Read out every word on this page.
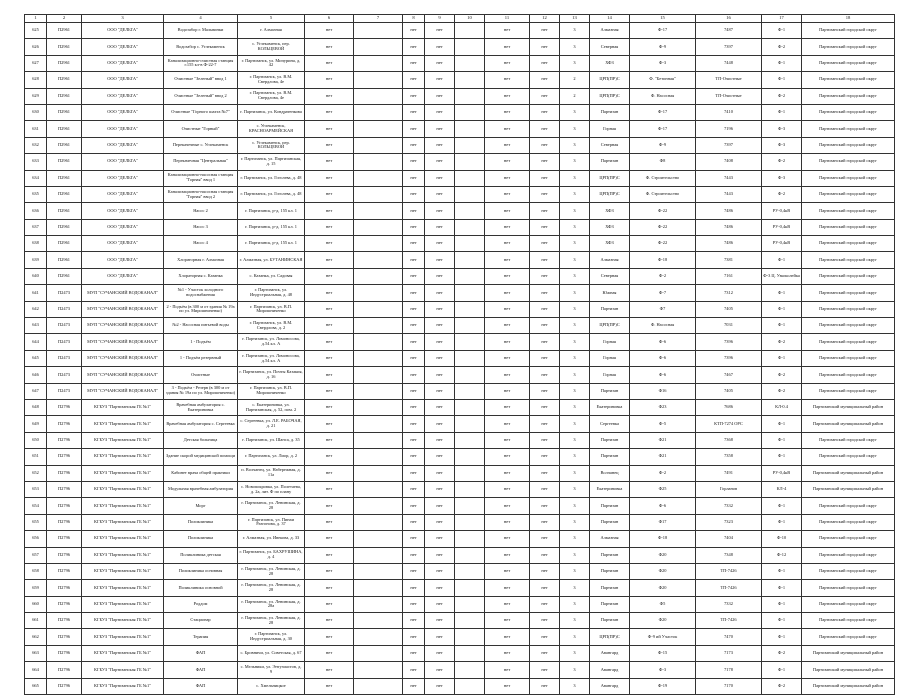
1	2	3	4	5	6	7	8	9	10	11	12	13	14	15	16	17	18
625	П2961	ООО "ДЕЛЬТА"	Водозабор г. Мальвинки	г. Алмазная	нет		нет	нет		нет	нет	3	Алмазная	Ф-17	7487	Ф-1	Партизанский городской округ
626	П2961	ООО "ДЕЛЬТА"	Водозабор с. Углекаменск	с. Углекаменск, пер. КОЛЬЦЕВОЙ	нет		нет	нет		нет	нет	3	Северная	Ф-9	7397	Ф-2	Партизанский городской округ
627	П2961	ООО "ДЕЛЬТА"	Канализационно-очистная станция г.155 кл-в Ф-22-7	г. Партизанск, ул. Мичурина, д. 42	нет		нет	нет		нет	нет	3	ХФЗ	Ф-3	7448	Ф-1	Партизанский городской округ
628	П2961	ООО "ДЕЛЬТА"	Очистные "Зеленый" ввод 1	г. Партизанск, ул. В.М. Свердлова, 4е	нет		нет	нет		нет	нет	2	ЦРП(ПР)С	Ф. "Бетонная"	ТП-Очистные	Ф-1	Партизанский городской округ
629	П2961	ООО "ДЕЛЬТА"	Очистные "Зеленый" ввод 2	г. Партизанск, ул. В.М. Свердлова, 4е	нет		нет	нет		нет	нет	2	ЦРП(ПР)С	Ф. Насосная	ТП-Очистные	Ф-2	Партизанский городской округ
630	П2961	ООО "ДЕЛЬТА"	Очистные "Горного шахта №7"	г. Партизанск, ул. Кондратенкова	нет		нет	нет		нет	нет	3	Партизан	Ф-17	7410	Ф-1	Партизанский городской округ
631	П2961	ООО "ДЕЛЬТА"	Очистные "Горный"	с. Углекаменск, КРАСНОАРМЕЙСКАЯ	нет		нет	нет		нет	нет	3	Горная	Ф-17	7196	Ф-3	Партизанский городской округ
632	П2961	ООО "ДЕЛЬТА"	Перекачечные с. Углекаменск	с. Углекаменск, пер. КОЛЬЦЕВОЙ	нет		нет	нет		нет	нет	3	Северная	Ф-9	7397	Ф-3	Партизанский городской округ
633	П2961	ООО "ДЕЛЬТА"	Перекачечная "Центральная"	г. Партизанск, ул. Партизанская, д. 15	нет		нет	нет		нет	нет	3	Партизан	Ф8	7408	Ф-2	Партизанский городской округ
634	П2961	ООО "ДЕЛЬТА"	Канализационно-насосная станция "Горная" ввод 1	г. Партизанск, ул. Гоголева, д. 48	нет		нет	нет		нет	нет	3	ЦРП(ПР)С	Ф. Строительство	7443	Ф-3	Партизанский городской округ
635	П2961	ООО "ДЕЛЬТА"	Канализационно-насосная станция "Горная" ввод 2	г. Партизанск, ул. Гоголева, д. 48	нет		нет	нет		нет	нет	3	ЦРП(ПР)С	Ф. Строительство	7443	Ф-2	Партизанский городской округ
636	П2961	ООО "ДЕЛЬТА"	Насос 2	г. Партизанск, р-д. 155 кл. 1	нет		нет	нет		нет	нет	3	ХФЗ	Ф-22	7486	РУ-0,4кВ	Партизанский городской округ
637	П2961	ООО "ДЕЛЬТА"	Насос 3	г. Партизанск, р-д. 155 кл. 1	нет		нет	нет		нет	нет	3	ХФЗ	Ф-22	7486	РУ-0,4кВ	Партизанский городской округ
638	П2961	ООО "ДЕЛЬТА"	Насос 4	г. Партизанск, р-д. 155 кл. 1	нет		нет	нет		нет	нет	3	ХФЗ	Ф-22	7486	РУ-0,4кВ	Партизанский городской округ
639	П2961	ООО "ДЕЛЬТА"	Хлораторная г. Алмазная	г. Алмазная, ул. БУТАНИНСКАЯ	нет		нет	нет		нет	нет	3	Алмазная	Ф-18	7381	Ф-1	Партизанский городской округ
640	П2961	ООО "ДЕЛЬТА"	Хлораторная с. Казанка	с. Казанка, ул. Садовая	нет		нет	нет		нет	нет	3	Северная	Ф-2	7161	Ф-3 Ц. Узкоколейка	Партизанский городской округ
641	П2473	МУП "СУЧАНСКИЙ ВОДОКАНАЛ"	№1 - Участок холодного водоснабжения	г. Партизанск, ул. Индустриальная, д. 48	нет		нет	нет		нет	нет	3	Южная	Ф-7	7312	Ф-1	Партизанский городской округ
642	П2473	МУП "СУЧАНСКИЙ ВОДОКАНАЛ"	2 - Подъём (в 300 м от здания № 19а по ул. Мирошниченко)	г. Партизанск, ул. В.П. Мирошниченко	нет		нет	нет		нет	нет	3	Партизан	Ф7	7405	Ф-1	Партизанский городской округ
643	П2473	МУП "СУЧАНСКИЙ ВОДОКАНАЛ"	№2 - Насосная питьевой воды	г. Партизанск, ул. В.М. Свердлова, д. 2	нет		нет	нет		нет	нет	3	ЦРП(ПР)С	Ф. Насосная	7031	Ф-1	Партизанский городской округ
644	П2473	МУП "СУЧАНСКИЙ ВОДОКАНАЛ"	1 - Подъём	г. Партизанск, ул. Ломоносова, д.54 кл. А	нет		нет	нет		нет	нет	3	Горная	Ф-6	7396	Ф-2	Партизанский городской округ
645	П2473	МУП "СУЧАНСКИЙ ВОДОКАНАЛ"	1 - Подъём резервный	г. Партизанск, ул. Ломоносова, д.54 кл. А	нет		нет	нет		нет	нет	3	Горная	Ф-6	7396	Ф-1	Партизанский городской округ
646	П2473	МУП "СУЧАНСКИЙ ВОДОКАНАЛ"	Очистные	г. Партизанск, ул. Почты Казакия, д. 16	нет		нет	нет		нет	нет	3	Горная	Ф-6	7467	Ф-2	Партизанский городской округ
647	П2473	МУП "СУЧАНСКИЙ ВОДОКАНАЛ"	3 - Подъём - Резерв (в 300 м от здания № 19а по ул. Мирошниченко)	г. Партизанск, ул. В.П. Мирошниченко	нет		нет	нет		нет	нет	3	Партизан	Ф16	7405	Ф-2	Партизанский городской округ
648	П2796	КГБУЗ "Партизанская ГБ №1"	Врачебная амбулатория с. Екатериновка	с. Екатериновка, ул. Партизанская, д. 52, пом. 2	нет		нет	нет		нет	нет	3	Екатериновка	Ф23	7686	КЛ-0.4	Партизанский муниципальный район
649	П2796	КГБУЗ "Партизанская ГБ №1"	Врачебная амбулатория с. Сергеевка	с. Сергеевка, ул. Л.Е. РАБОЧАЯ, д. 21	нет		нет	нет		нет	нет	3	Сергеевка	Ф-5	КТП-7274 ОРС	Ф-1	Партизанский муниципальный район
650	П2796	КГБУЗ "Партизанская ГБ №1"	Детская больница	г. Партизанск, ул. Шанса, д. 35	нет		нет	нет		нет	нет	3	Партизан	Ф21	7368	Ф-1	Партизанский городской округ
651	П2796	КГБУЗ "Партизанская ГБ №1"	Здание скорой медицинской помощи	г. Партизанск, ул. Лиор, д. 2	нет		нет	нет		нет	нет	3	Партизан	Ф21	7358	Ф-1	Партизанский городской округ
652	П2796	КГБУЗ "Партизанская ГБ №1"	Кабинет врача общей практики	п. Волчанец, ул. Набережная, д. 11а	нет		нет	нет		нет	нет	3	Волчанец	Ф-2	7491	РУ-0,4кВ	Партизанский муниципальный район
653	П2796	КГБУЗ "Партизанская ГБ №1"	Модульная врачебная амбулатория	с. Новопокровка, ул. Полетаева, д. 2а, лит. Ф по плану	нет		нет	нет		нет	нет	3	Екатериновка	Ф25	Горланов	КЛ-4	Партизанский муниципальный район
654	П2796	КГБУЗ "Партизанская ГБ №1"	Морг	г. Партизанск, ул. Ленинская, д. 28	нет		нет	нет		нет	нет	3	Партизан	Ф-6	7332	Ф-1	Партизанский городской округ
655	П2796	КГБУЗ "Партизанская ГБ №1"	Поликлиника	г. Партизанск, ул. Пинаи Разгонова, д. 37	нет		нет	нет		нет	нет	3	Партизан	Ф17	7323	Ф-1	Партизанский городской округ
656	П2796	КГБУЗ "Партизанская ГБ №1"	Поликлиника	г. Алмазная, ул. Ивекова, д. 33	нет		нет	нет		нет	нет	3	Алмазная	Ф-18	7404	Ф-10	Партизанский городской округ
657	П2796	КГБУЗ "Партизанская ГБ №1"	Поликлиника детская	г. Партизанск, ул. БАХРУШИНА, д. 4	нет		нет	нет		нет	нет	3	Партизан	Ф20	7348	Ф-12	Партизанский городской округ
658	П2796	КГБУЗ "Партизанская ГБ №1"	Поликлиника основная	г. Партизанск, ул. Ленинская, д. 28	нет		нет	нет		нет	нет	3	Партизан	Ф20	ТП-7426	Ф-1	Партизанский городской округ
659	П2796	КГБУЗ "Партизанская ГБ №1"	Поликлиника основной	г. Партизанск, ул. Ленинская, д. 28	нет		нет	нет		нет	нет	3	Партизан	Ф20	ТП-7426	Ф-1	Партизанский городской округ
660	П2796	КГБУЗ "Партизанская ГБ №1"	Роддом	г. Партизанск, ул. Ленинская, д. 28а	нет		нет	нет		нет	нет	3	Партизан	Ф5	7332	Ф-1	Партизанский городской округ
661	П2796	КГБУЗ "Партизанская ГБ №1"	Стационар	г. Партизанск, ул. Ленинская, д. 28	нет		нет	нет		нет	нет	3	Партизан	Ф20	ТП-7426	Ф-1	Партизанский городской округ
662	П2796	КГБУЗ "Партизанская ГБ №1"	Терапия	г. Партизанск, ул. Индустриальная, д. 30	нет		нет	нет		нет	нет	3	ЦРП(ПР)С	Ф-9 ий Участок	7470	Ф-1	Партизанский городской округ
663	П2796	КГБУЗ "Партизанская ГБ №1"	ФАП	с. Бровничи, ул. Советская, д. 67	нет		нет	нет		нет	нет	3	Авангард	Ф-15	7173	Ф-2	Партизанский муниципальный район
664	П2796	КГБУЗ "Партизанская ГБ №1"	ФАП	с. Мельники, ул. Энтузиастов, д. 9	нет		нет	нет		нет	нет	3	Авангард	Ф-3	7178	Ф-1	Партизанский муниципальный район
665	П2796	КГБУЗ "Партизанская ГБ №1"	ФАП	с. Хмельницкое	нет		нет	нет		нет	нет	3	Авангард	Ф-19	7170	Ф-2	Партизанский муниципальный район
